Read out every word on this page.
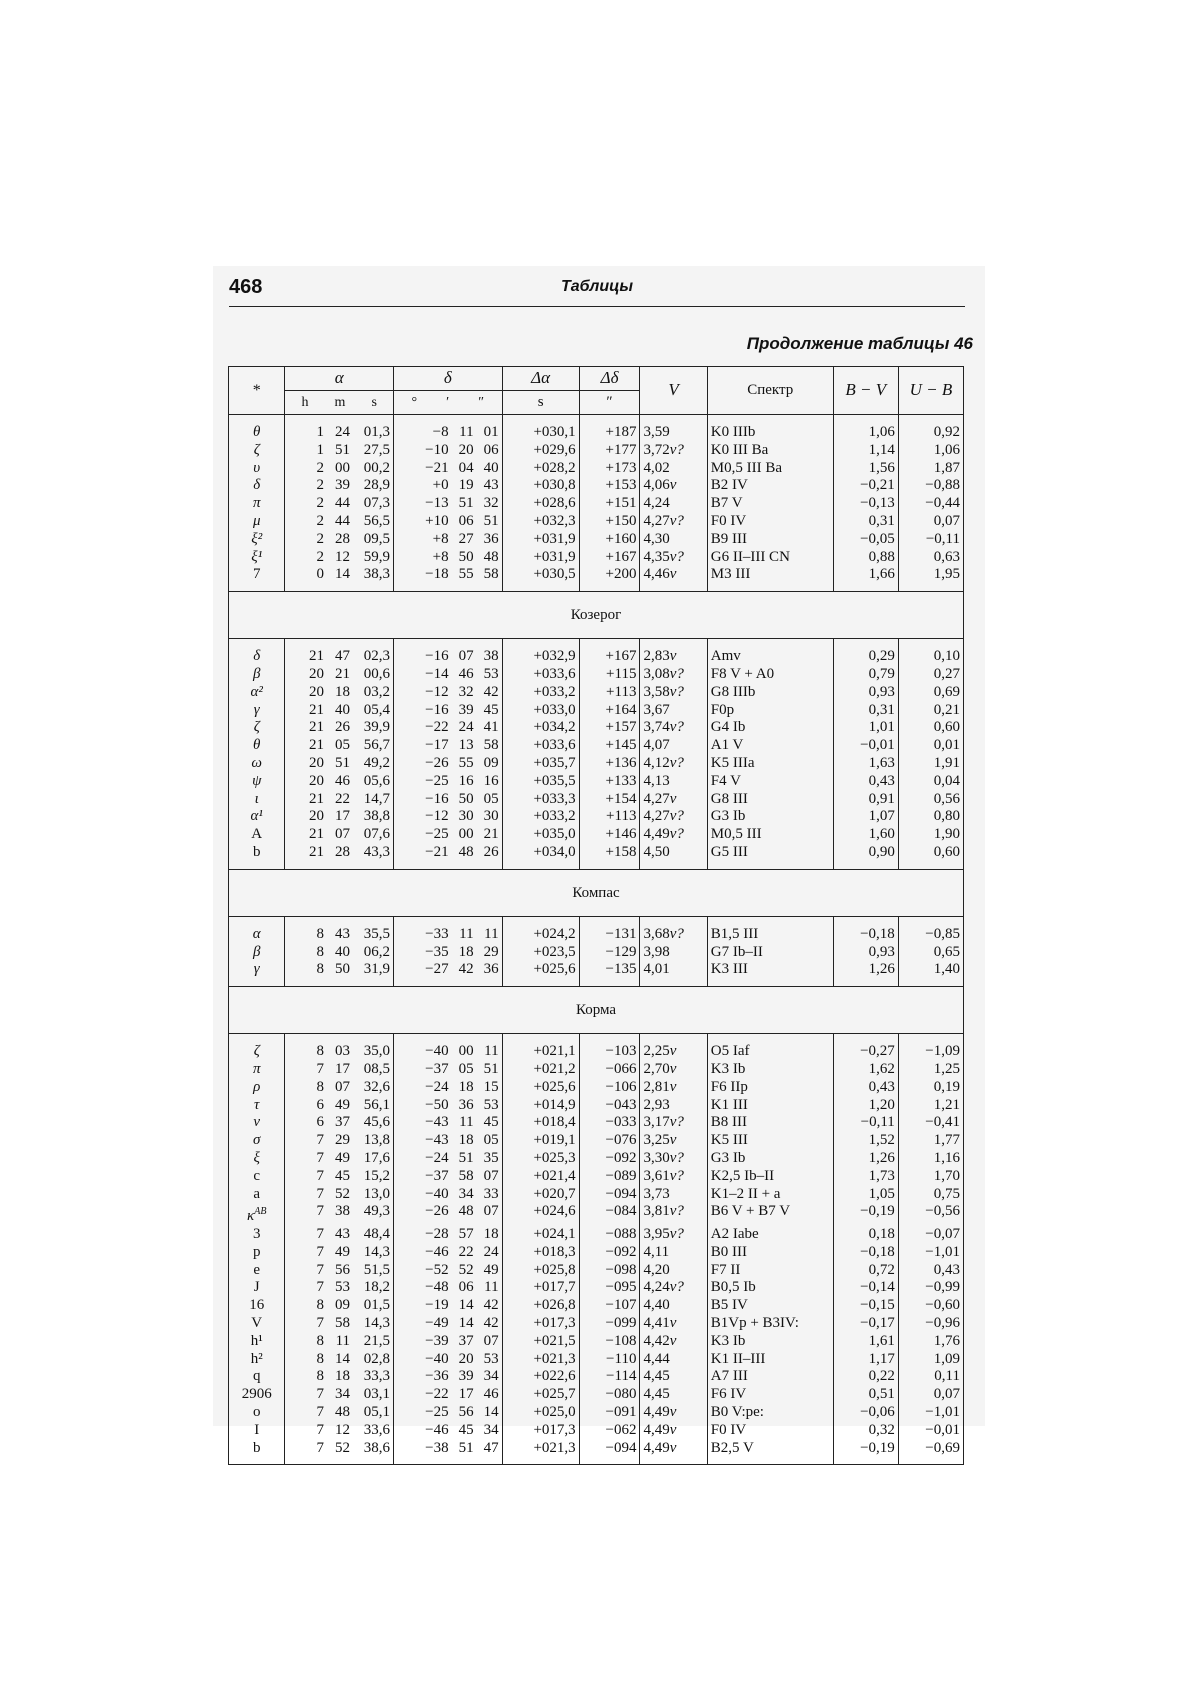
468	Таблицы
Продолжение таблицы 46
*	α	δ	Δα	Δδ	V	Спектр	B − V	U − B

	h m s	° ′ ″	s	″				
θ	1 24 01,3	−8 11 01	+030,1	+187	3,59	K0 IIIb	1,06	0,92
ζ	1 51 27,5	−10 20 06	+029,6	+177	3,72v?	K0 III Ba	1,14	1,06
υ	2 00 00,2	−21 04 40	+028,2	+173	4,02	M0,5 III Ba	1,56	1,87
δ	2 39 28,9	+0 19 43	+030,8	+153	4,06v	B2 IV	−0,21	−0,88
π	2 44 07,3	−13 51 32	+028,6	+151	4,24	B7 V	−0,13	−0,44
μ	2 44 56,5	+10 06 51	+032,3	+150	4,27v?	F0 IV	0,31	0,07
ξ²	2 28 09,5	+8 27 36	+031,9	+160	4,30	B9 III	−0,05	−0,11
ξ¹	2 12 59,9	+8 50 48	+031,9	+167	4,35v?	G6 II–III CN	0,88	0,63
7	0 14 38,3	−18 55 58	+030,5	+200	4,46v	M3 III	1,66	1,95
Козерог								
δ	21 47 02,3	−16 07 38	+032,9	+167	2,83v	Amv	0,29	0,10
β	20 21 00,6	−14 46 53	+033,6	+115	3,08v?	F8 V + A0	0,79	0,27
α²	20 18 03,2	−12 32 42	+033,2	+113	3,58v?	G8 IIIb	0,93	0,69
γ	21 40 05,4	−16 39 45	+033,0	+164	3,67	F0p	0,31	0,21
ζ	21 26 39,9	−22 24 41	+034,2	+157	3,74v?	G4 Ib	1,01	0,60
θ	21 05 56,7	−17 13 58	+033,6	+145	4,07	A1 V	−0,01	0,01
ω	20 51 49,2	−26 55 09	+035,7	+136	4,12v?	K5 IIIa	1,63	1,91
ψ	20 46 05,6	−25 16 16	+035,5	+133	4,13	F4 V	0,43	0,04
ι	21 22 14,7	−16 50 05	+033,3	+154	4,27v	G8 III	0,91	0,56
α¹	20 17 38,8	−12 30 30	+033,2	+113	4,27v?	G3 Ib	1,07	0,80
A	21 07 07,6	−25 00 21	+035,0	+146	4,49v?	M0,5 III	1,60	1,90
b	21 28 43,3	−21 48 26	+034,0	+158	4,50	G5 III	0,90	0,60
Компас								
α	8 43 35,5	−33 11 11	+024,2	−131	3,68v?	B1,5 III	−0,18	−0,85
β	8 40 06,2	−35 18 29	+023,5	−129	3,98	G7 Ib–II	0,93	0,65
γ	8 50 31,9	−27 42 36	+025,6	−135	4,01	K3 III	1,26	1,40
Корма								
ζ	8 03 35,0	−40 00 11	+021,1	−103	2,25v	O5 Iaf	−0,27	−1,09
π	7 17 08,5	−37 05 51	+021,2	−066	2,70v	K3 Ib	1,62	1,25
ρ	8 07 32,6	−24 18 15	+025,6	−106	2,81v	F6 IIp	0,43	0,19
τ	6 49 56,1	−50 36 53	+014,9	−043	2,93	K1 III	1,20	1,21
ν	6 37 45,6	−43 11 45	+018,4	−033	3,17v?	B8 III	−0,11	−0,41
σ	7 29 13,8	−43 18 05	+019,1	−076	3,25v	K5 III	1,52	1,77
ξ	7 49 17,6	−24 51 35	+025,3	−092	3,30v?	G3 Ib	1,26	1,16
c	7 45 15,2	−37 58 07	+021,4	−089	3,61v?	K2,5 Ib–II	1,73	1,70
a	7 52 13,0	−40 34 33	+020,7	−094	3,73	K1–2 II + a	1,05	0,75
$\kappa^{AB}$	7 38 49,3	−26 48 07	+024,6	−084	3,81v?	B6 V + B7 V	−0,19	−0,56
3	7 43 48,4	−28 57 18	+024,1	−088	3,95v?	A2 Iabe	0,18	−0,07
p	7 49 14,3	−46 22 24	+018,3	−092	4,11	B0 III	−0,18	−1,01
e	7 56 51,5	−52 52 49	+025,8	−098	4,20	F7 II	0,72	0,43
J	7 53 18,2	−48 06 11	+017,7	−095	4,24v?	B0,5 Ib	−0,14	−0,99
16	8 09 01,5	−19 14 42	+026,8	−107	4,40	B5 IV	−0,15	−0,60
V	7 58 14,3	−49 14 42	+017,3	−099	4,41v	B1Vp + B3IV:	−0,17	−0,96
h¹	8 11 21,5	−39 37 07	+021,5	−108	4,42v	K3 Ib	1,61	1,76
h²	8 14 02,8	−40 20 53	+021,3	−110	4,44	K1 II–III	1,17	1,09
q	8 18 33,3	−36 39 34	+022,6	−114	4,45	A7 III	0,22	0,11
2906	7 34 03,1	−22 17 46	+025,7	−080	4,45	F6 IV	0,51	0,07
o	7 48 05,1	−25 56 14	+025,0	−091	4,49v	B0 V:pe:	−0,06	−1,01
I	7 12 33,6	−46 45 34	+017,3	−062	4,49v	F0 IV	0,32	−0,01
b	7 52 38,6	−38 51 47	+021,3	−094	4,49v	B2,5 V	−0,19	−0,69
